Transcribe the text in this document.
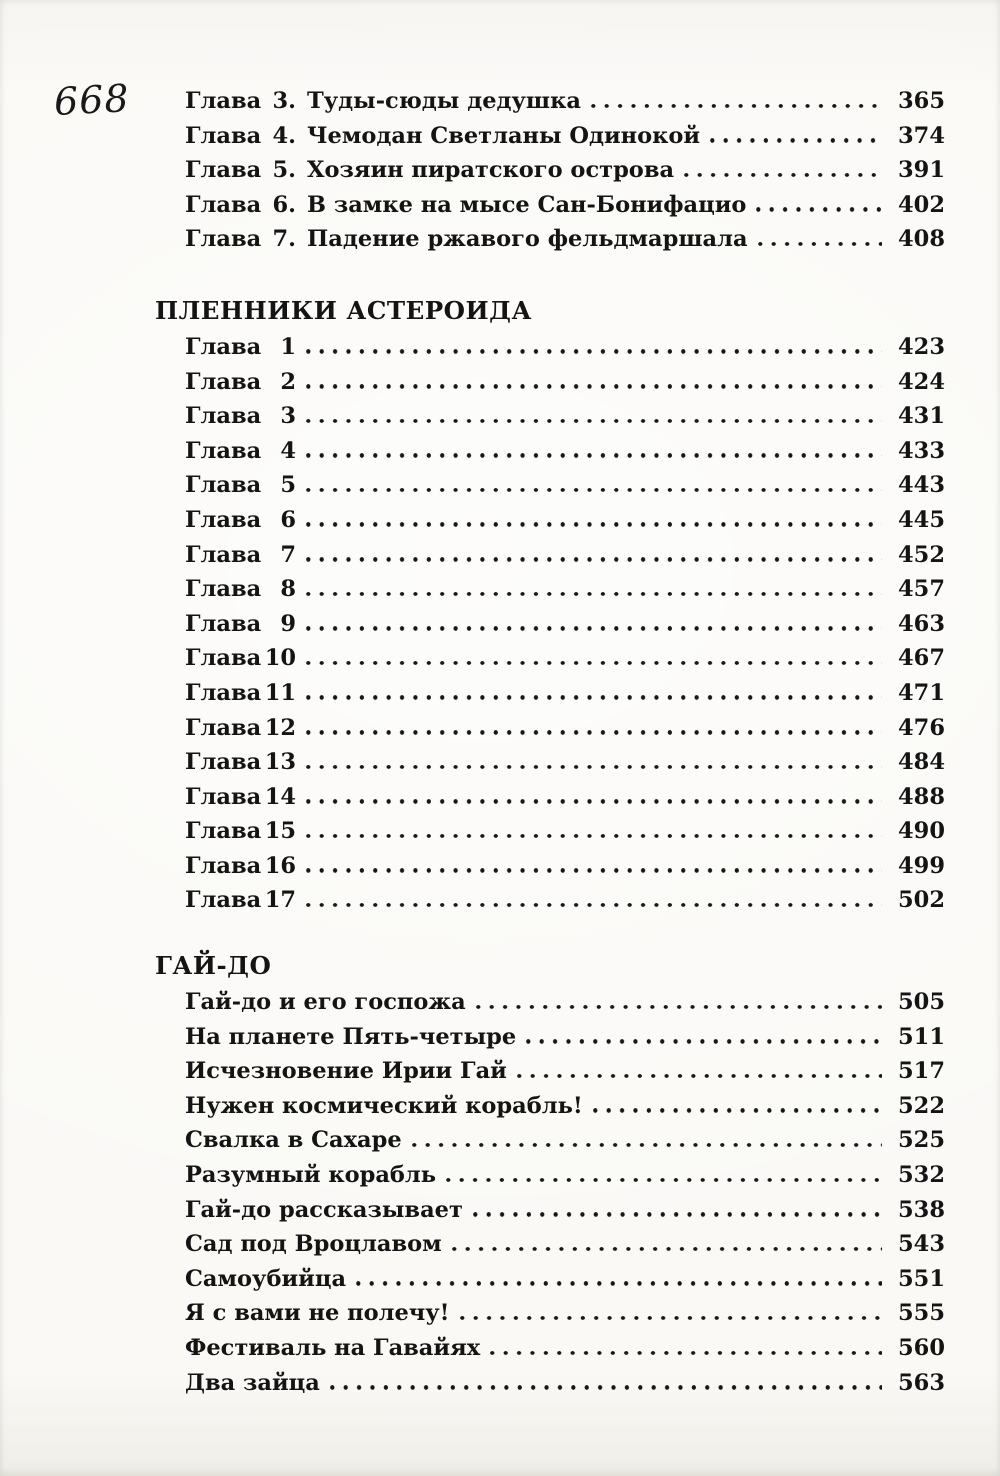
668 Глава 3. Туды-сюды дедушка	365
Глава 4. Чемодан Светланы Одинокой	374
Глава 5. Хозяин пиратского острова	391
Глава 6. В замке на мысе Сан-Бонифацио	402
Глава 7. Падение ржавого фельдмаршала	408
ПЛЕННИКИ АСТЕРОИДА
Глава 1	423
Глава 2	424
Глава 3	431
Глава 4	433
Глава 5	443
Глава 6	445
Глава 7	452
Глава 8	457
Глава 9	463
Глава 10	467
Глава 11	471
Глава 12	476
Глава 13	484
Глава 14	488
Глава 15	490
Глава 16	499
Глава 17	502
ГАЙ-ДО
Гай-до и его госпожа	505
На планете Пять-четыре	511
Исчезновение Ирии Гай	517
Нужен космический корабль!	522
Свалка в Сахаре	525
Разумный корабль	532
Гай-до рассказывает	538
Сад под Вроцлавом	543
Самоубийца	551
Я с вами не полечу!	555
Фестиваль на Гавайях	560
Два зайца	563
